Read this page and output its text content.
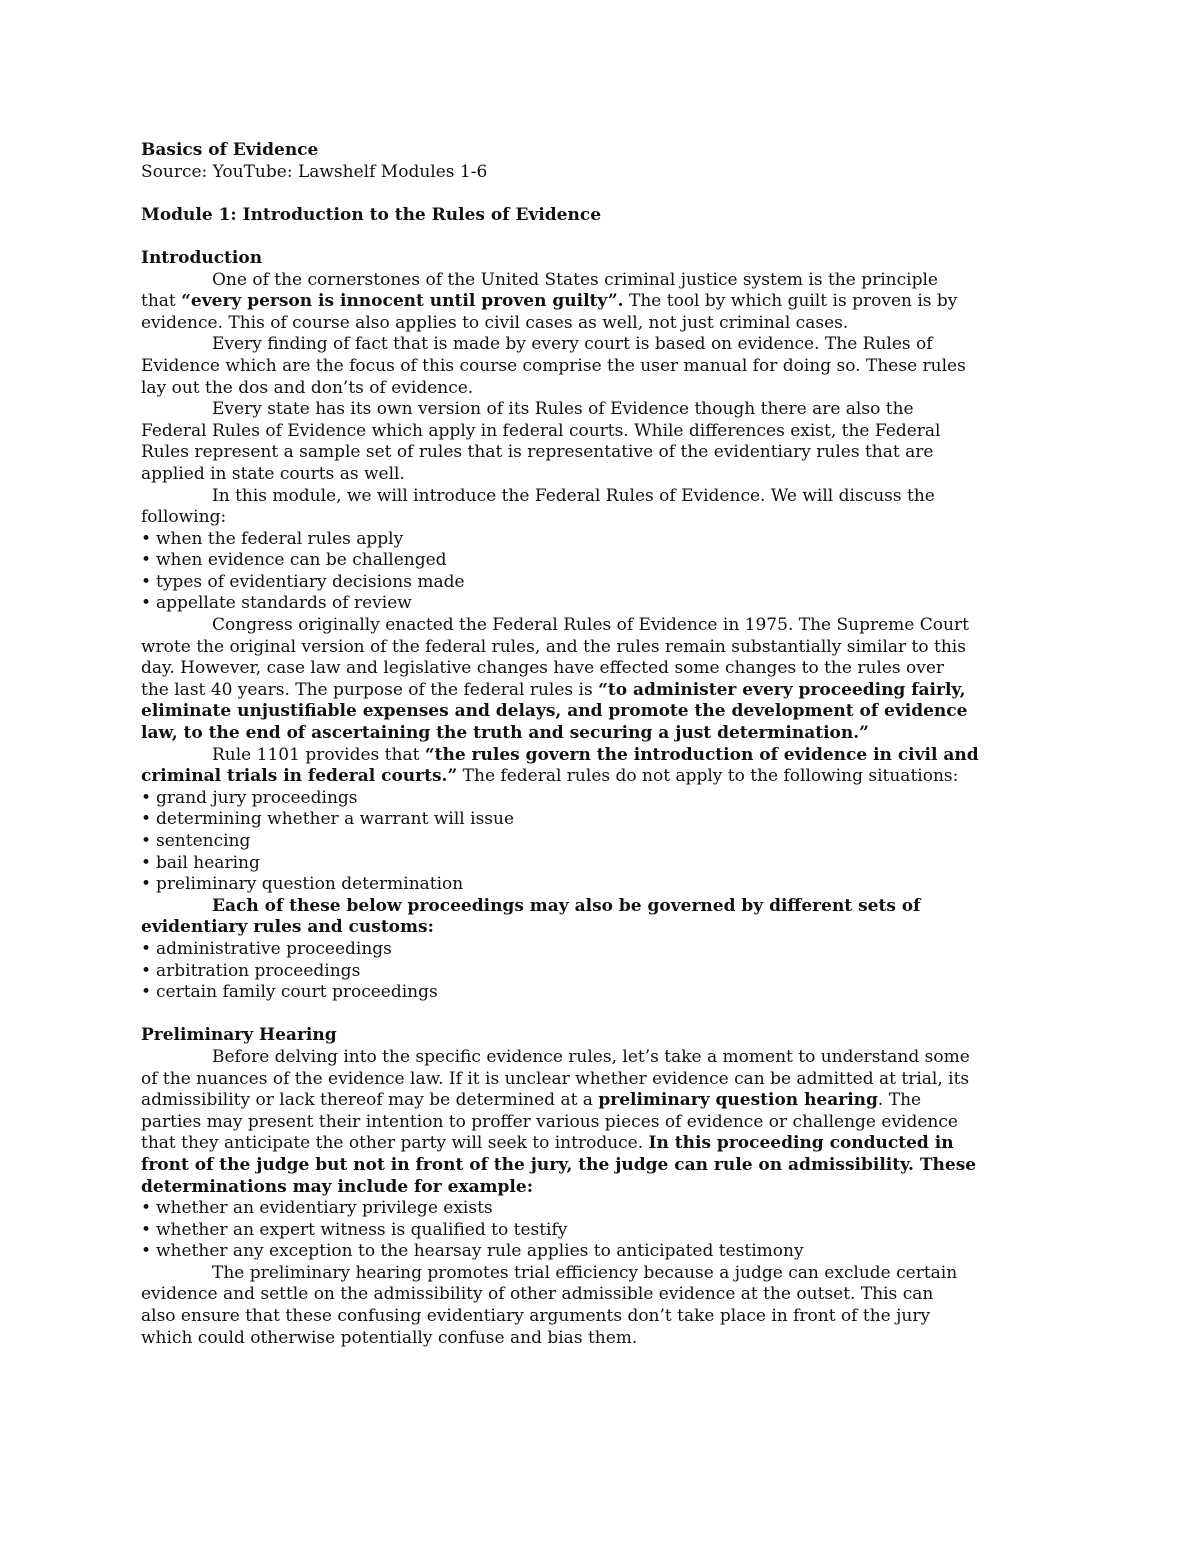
Basics of Evidence
Source: YouTube: Lawshelf Modules 1-6
Module 1: Introduction to the Rules of Evidence
Introduction
One of the cornerstones of the United States criminal justice system is the principle
that “every person is innocent until proven guilty”. The tool by which guilt is proven is by
evidence. This of course also applies to civil cases as well, not just criminal cases.
Every finding of fact that is made by every court is based on evidence. The Rules of
Evidence which are the focus of this course comprise the user manual for doing so. These rules
lay out the dos and don’ts of evidence.
Every state has its own version of its Rules of Evidence though there are also the
Federal Rules of Evidence which apply in federal courts. While differences exist, the Federal
Rules represent a sample set of rules that is representative of the evidentiary rules that are
applied in state courts as well.
In this module, we will introduce the Federal Rules of Evidence. We will discuss the
following:
• when the federal rules apply
• when evidence can be challenged
• types of evidentiary decisions made
• appellate standards of review
Congress originally enacted the Federal Rules of Evidence in 1975. The Supreme Court
wrote the original version of the federal rules, and the rules remain substantially similar to this
day. However, case law and legislative changes have effected some changes to the rules over
the last 40 years. The purpose of the federal rules is “to administer every proceeding fairly,
eliminate unjustifiable expenses and delays, and promote the development of evidence
law, to the end of ascertaining the truth and securing a just determination.”
Rule 1101 provides that “the rules govern the introduction of evidence in civil and
criminal trials in federal courts.” The federal rules do not apply to the following situations:
• grand jury proceedings
• determining whether a warrant will issue
• sentencing
• bail hearing
• preliminary question determination
Each of these below proceedings may also be governed by different sets of
evidentiary rules and customs:
• administrative proceedings
• arbitration proceedings
• certain family court proceedings
Preliminary Hearing
Before delving into the specific evidence rules, let’s take a moment to understand some
of the nuances of the evidence law. If it is unclear whether evidence can be admitted at trial, its
admissibility or lack thereof may be determined at a preliminary question hearing. The
parties may present their intention to proffer various pieces of evidence or challenge evidence
that they anticipate the other party will seek to introduce. In this proceeding conducted in
front of the judge but not in front of the jury, the judge can rule on admissibility. These
determinations may include for example:
• whether an evidentiary privilege exists
• whether an expert witness is qualified to testify
• whether any exception to the hearsay rule applies to anticipated testimony
The preliminary hearing promotes trial efficiency because a judge can exclude certain
evidence and settle on the admissibility of other admissible evidence at the outset. This can
also ensure that these confusing evidentiary arguments don’t take place in front of the jury
which could otherwise potentially confuse and bias them.
